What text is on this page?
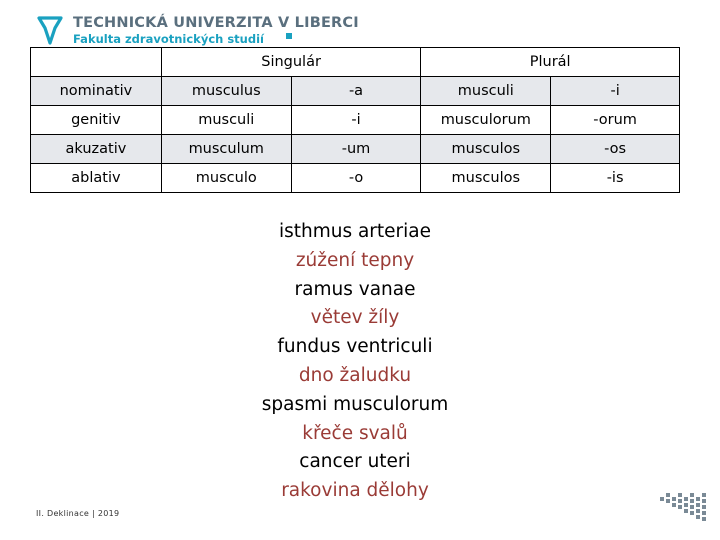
TECHNICKÁ UNIVERZITA V LIBERCI
Fakulta zdravotnických studií
	Singulár		Plurál	
nominativ	musculus	-a	musculi	-i
genitiv	musculi	-i	musculorum	-orum
akuzativ	musculum	-um	musculos	-os
ablativ	musculo	-o	musculos	-is
isthmus arteriae
zúžení tepny
ramus vanae
větev žíly
fundus ventriculi
dno žaludku
spasmi musculorum
křeče svalů
cancer uteri
rakovina dělohy
II. Deklinace | 2019
